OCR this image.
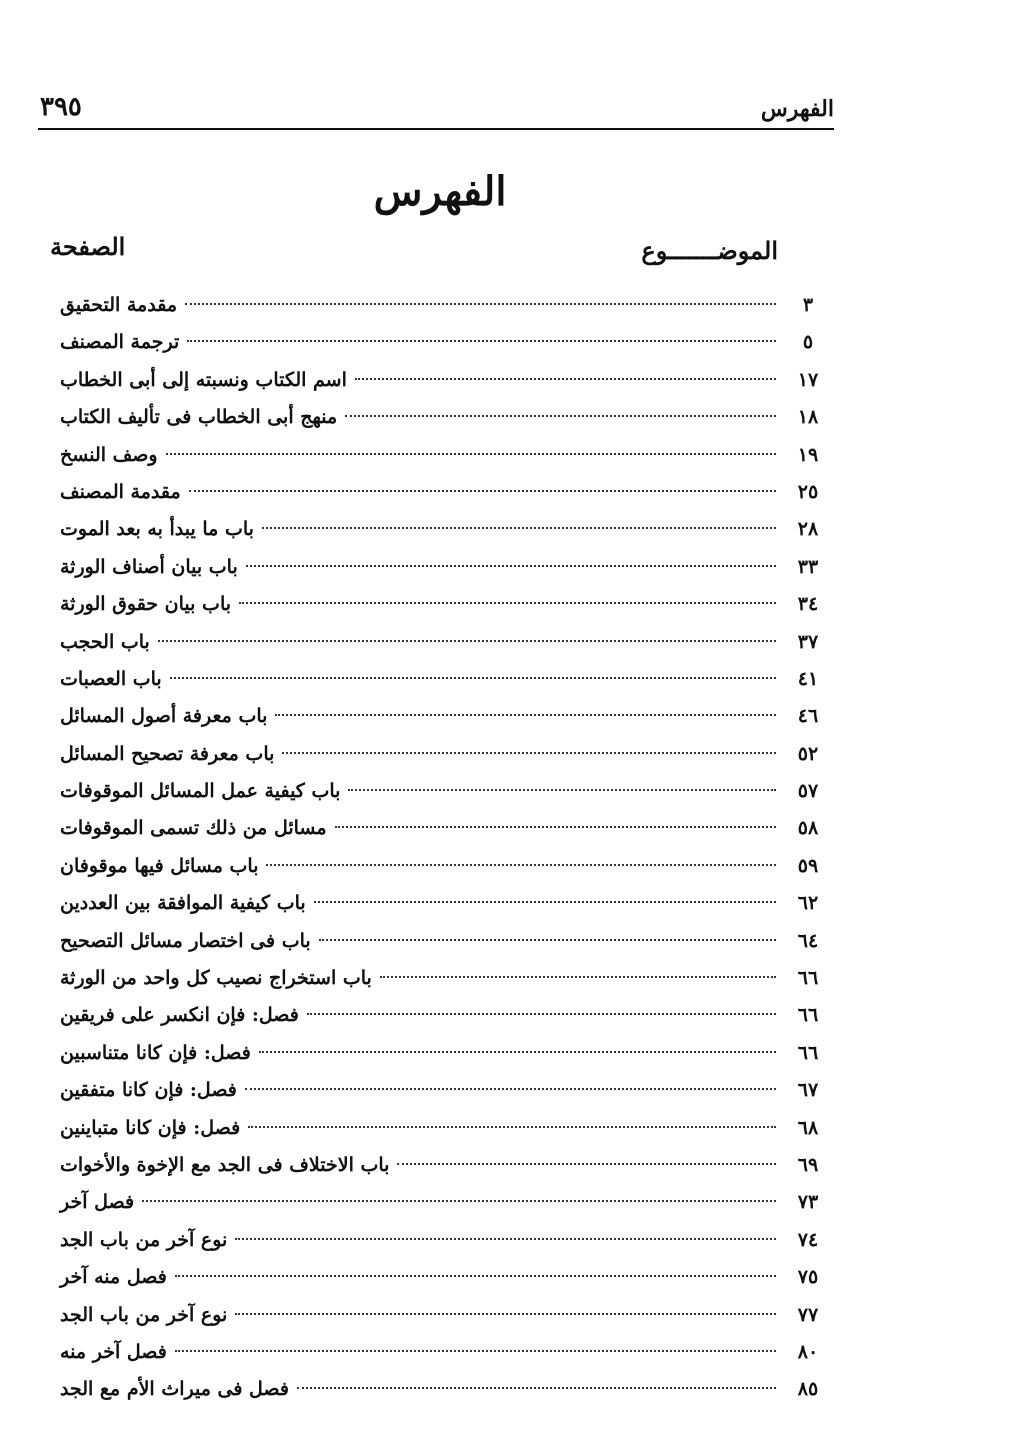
الفهرس
٣٩٥
الفهرس
الموضـــــــوع
الصفحة
مقدمة التحقيق	٣
ترجمة المصنف	٥
اسم الكتاب ونسبته إلى أبى الخطاب	١٧
منهج أبى الخطاب فى تأليف الكتاب	١٨
وصف النسخ	١٩
مقدمة المصنف	٢٥
باب ما يبدأ به بعد الموت	٢٨
باب بيان أصناف الورثة	٣٣
باب بيان حقوق الورثة	٣٤
باب الحجب	٣٧
باب العصبات	٤١
باب معرفة أصول المسائل	٤٦
باب معرفة تصحيح المسائل	٥٢
باب كيفية عمل المسائل الموقوفات	٥٧
مسائل من ذلك تسمى الموقوفات	٥٨
باب مسائل فيها موقوفان	٥٩
باب كيفية الموافقة بين العددين	٦٢
باب فى اختصار مسائل التصحيح	٦٤
باب استخراج نصيب كل واحد من الورثة	٦٦
فصل: فإن انكسر على فريقين	٦٦
فصل: فإن كانا متناسبين	٦٦
فصل: فإن كانا متفقين	٦٧
فصل: فإن كانا متباينين	٦٨
باب الاختلاف فى الجد مع الإخوة والأخوات	٦٩
فصل آخر	٧٣
نوع آخر من باب الجد	٧٤
فصل منه آخر	٧٥
نوع آخر من باب الجد	٧٧
فصل آخر منه	٨٠
فصل فى ميراث الأم مع الجد	٨٥
